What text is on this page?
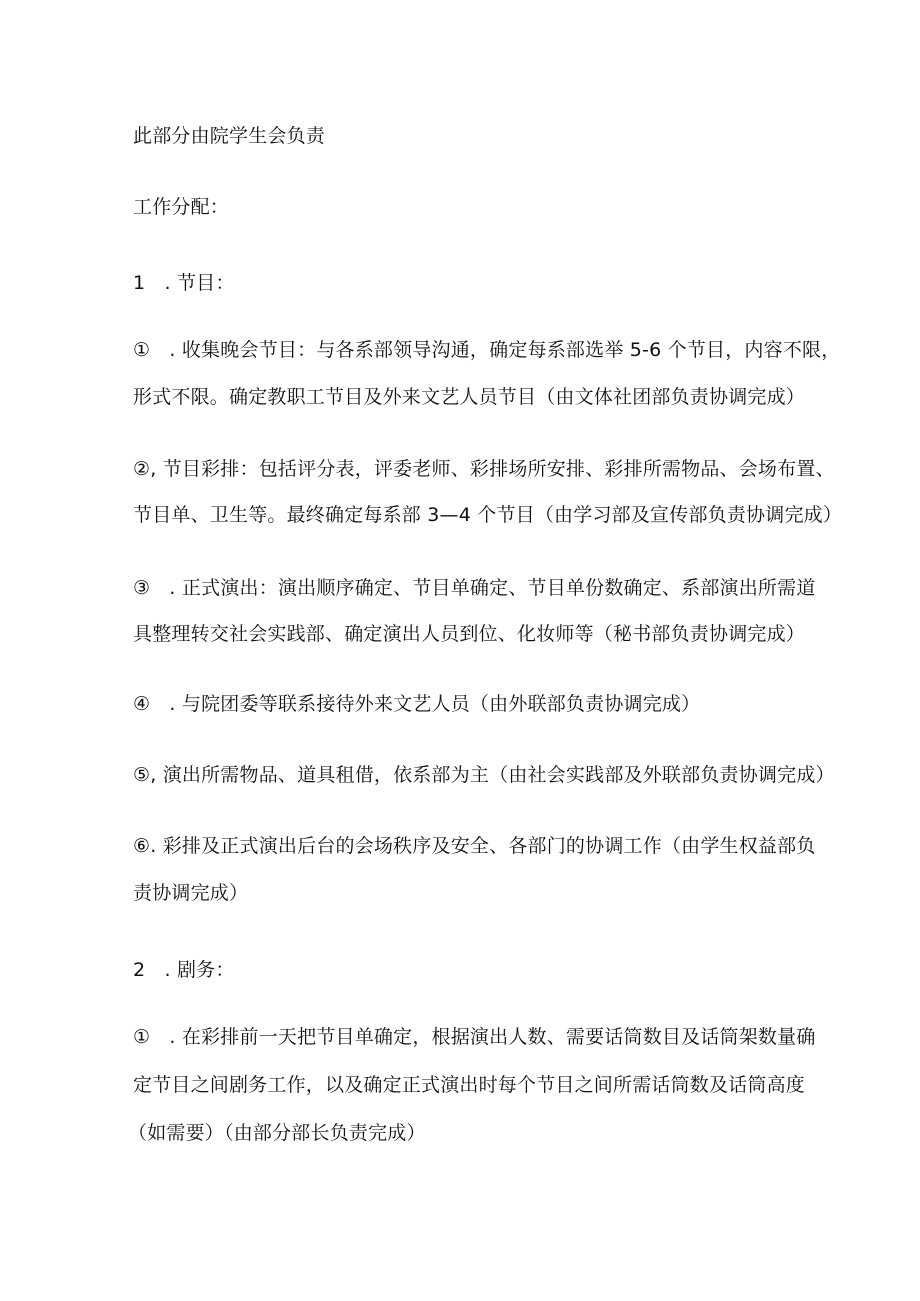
此部分由院学生会负责
工作分配：
1　. 节目：
①　. 收集晚会节目：与各系部领导沟通，确定每系部选举 5-6 个节目，内容不限，
形式不限。确定教职工节目及外来文艺人员节目（由文体社团部负责协调完成）
②, 节目彩排：包括评分表，评委老师、彩排场所安排、彩排所需物品、会场布置、
节目单、卫生等。最终确定每系部 3—4 个节目（由学习部及宣传部负责协调完成）
③　. 正式演出：演出顺序确定、节目单确定、节目单份数确定、系部演出所需道
具整理转交社会实践部、确定演出人员到位、化妆师等（秘书部负责协调完成）
④　. 与院团委等联系接待外来文艺人员（由外联部负责协调完成）
⑤, 演出所需物品、道具租借，依系部为主（由社会实践部及外联部负责协调完成）
⑥. 彩排及正式演出后台的会场秩序及安全、各部门的协调工作（由学生权益部负
责协调完成）
2　. 剧务：
①　. 在彩排前一天把节目单确定，根据演出人数、需要话筒数目及话筒架数量确
定节目之间剧务工作，以及确定正式演出时每个节目之间所需话筒数及话筒高度
（如需要）（由部分部长负责完成）
